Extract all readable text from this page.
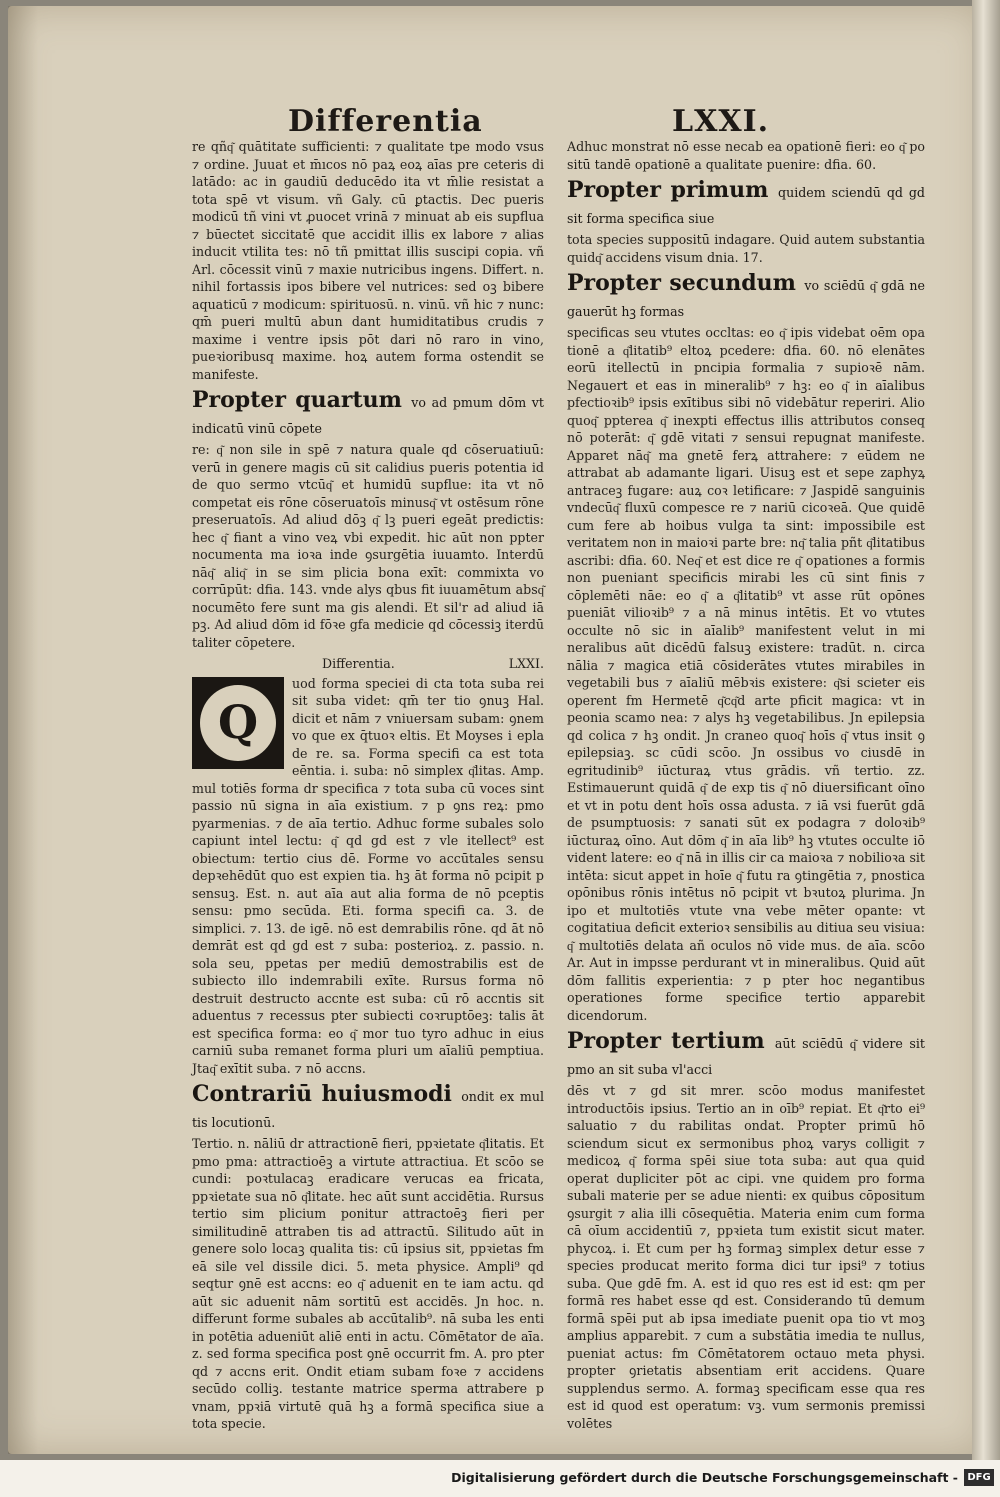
Differentia	LXXI.

re qñq͂ quātitate sufficienti: ⁊ qualitate tpe modo vsus ⁊ ordine. Juuat et m̄ıcos nō paꝝ eoꝝ aīas pre ceteris di latādo: ac in gaudiū deducēdo ita vt m̄lie resistat a tota spē vt visum. vñ Galy. cū ꝑtactis. Dec pueris modicū tñ vini vt ꝓuocet vrinā ⁊ minuat ab eis supflua ⁊ būectet siccitatē que accidit illis ex labore ⁊ alias inducit vtilita tes: nō tñ pmittat illis suscipi copia. vñ Arl. cōcessit vinū ⁊ maxie nutricibus ingens. Differt. n. nihil fortassis ipos bibere vel nutrices: sed oꝫ bibere aquaticū ⁊ modicum: spirituosū. n. vinū. vñ hic ⁊ nunc: qm̄ pueri multū abun dant humiditatibus crudis ⁊ maxime i ventre ipsis pōt dari nō raro in vino, pueꝛioribusq maxime. hoꝝ autem forma ostendit se manifeste.

Propter quartum vo ad pmum dōm vt indicatū vinū cōpete

re: q͂ non sile in spē ⁊ natura quale qd cōseruatiuū: verū in genere magis cū sit calidius pueris potentia id de quo sermo vtcūq͂ et humidū supflue: ita vt nō competat eis rōne cōseruatoīs minusq͂ vt ostēsum rōne preseruatoīs. Ad aliud dōꝫ q͂ lꝫ pueri egeāt predictis: hec q͂ fiant a vino veꝝ vbi expedit. hic aūt non ppter nocumenta ma ioꝛa inde ꝯsurgētia iuuamto. Interdū nāq͂ aliq͂ in se sim plicia bona exīt: commixta vo corrūpūt: dfia. 143. vnde alys qbus fit iuuamētum absq͂ nocumēto fere sunt ma gis alendi. Et sil'r ad aliud iā pꝫ. Ad aliud dōm id fōꝛe gfa medicie qd cōcessiꝫ iterdū taliter cōpetere.

Differentia.	LXXI.
Q

uod forma speciei di cta tota suba rei sit suba videt: qm̄ ter tio ꝯnuꝫ Hal. dicit et nām ⁊ vniuersam subam: ꝯnem vo que ex q̄tuoꝛ eltis. Et Moyses i epla de re. sa. Forma specifi ca est tota eēntia. i. suba: nō simplex q͂litas. Amp. mul totiēs forma dr specifica ⁊ tota suba cū voces sint passio nū signa in aīa existium. ⁊ p ꝯns reꝝ: pmo pyarmenias. ⁊ de aīa tertio. Adhuc forme subales solo capiunt intel lectu: q͂ qd gd est ⁊ vle itellect⁹ est obiectum: tertio cius dē. Forme vo accūtales sensu depꝛehēdūt quo est expien tia. hꝫ āt forma nō pcipit p sensuꝫ. Est. n. aut aīa aut alia forma de nō pceptis sensu: pmo secūda. Eti. forma specifi ca. 3. de simplici. ⁊. 13. de igē. nō est demrabilis rōne. qd āt nō demrāt est qd gd est ⁊ suba: posterioꝝ. z. passio. n. sola seu, ppetas per mediū demostrabilis est de subiecto illo indemrabili exīte. Rursus forma nō destruit destructo accnte est suba: cū rō accntis sit aduentus ⁊ recessus pter subiecti coꝛruptōeꝫ: talis āt est specifica forma: eo q͂ mor tuo tyro adhuc in eius carniū suba remanet forma pluri um aīaliū pemptiua. Jtaq͂ exītit suba. ⁊ nō accns.

Contrariū huiusmodi ondit ex mul tis locutionū.

Tertio. n. nāliū dr attractionē fieri, ppꝛietate q͂litatis. Et pmo pma: attractioēꝫ a virtute attractiua. Et scōo se cundi: poꝛtulacaꝫ eradicare verucas ea fricata, ppꝛietate sua nō q͂litate. hec aūt sunt accidētia. Rursus tertio sim plicium ponitur attractoēꝫ fieri per similitudinē attraben tis ad attractū. Silitudo aūt in genere solo locaꝫ qualita tis: cū ipsius sit, ppꝛietas fm eā sile vel dissile dici. 5. meta physice. Ampli⁹ qd seqtur ꝯnē est accns: eo q͂ aduenit en te iam actu. qd aūt sic aduenit nām sortitū est accidēs. Jn hoc. n. differunt forme subales ab accūtalib⁹. nā suba les enti in potētia adueniūt aliē enti in actu. Cōmētator de aīa. z. sed forma specifica post ꝯnē occurrit fm. A. pro pter qd ⁊ accns erit. Ondit etiam subam foꝛe ⁊ accidens secūdo colliꝫ. testante matrice sperma attrabere p vnam, ppꝛiā virtutē quā hꝫ a formā specifica siue a tota specie.

Adhuc monstrat nō esse necab ea opationē fieri: eo q͂ po sitū tandē opationē a qualitate puenire: dfia. 60.

Propter primum quidem sciendū qd gd sit forma specifica siue

tota species suppositū indagare. Quid autem substantia quidq͂ accidens visum dnia. 17.

Propter secundum vo sciēdū q͂ gdā ne gauerūt hꝫ formas

specificas seu vtutes occltas: eo q͂ ipis videbat oēm opa tionē a q͂litatib⁹ eltoꝝ pcedere: dfia. 60. nō elenātes eorū itellectū in pncipia formalia ⁊ supioꝛē nām. Negauert et eas in mineralib⁹ ⁊ hꝫ: eo q͂ in aīalibus pfectioꝛib⁹ ipsis exītibus sibi nō videbātur reperiri. Alio quoq͂ ppterea q͂ inexpti effectus illis attributos conseq nō poterāt: q͂ gdē vitati ⁊ sensui repugnat manifeste. Apparet nāq͂ ma gnetē ferꝝ attrahere: ⁊ eūdem ne attrabat ab adamante ligari. Uisuꝫ est et sepe zaphyꝝ antraceꝫ fugare: auꝝ coꝛ letificare: ⁊ Jaspidē sanguinis vndecūq͂ fluxū compesce re ⁊ nariū cicoꝛeā. Que quidē cum fere ab hoibus vulga ta sint: impossibile est veritatem non in maioꝛi parte bre: nq͂ talia pñt q͂litatibus ascribi: dfia. 60. Neq͂ et est dice re q͂ opationes a formis non pueniant specificis mirabi les cū sint finis ⁊ cōplemēti nāe: eo q͂ a q͂litatib⁹ vt asse rūt opōnes pueniāt vilioꝛib⁹ ⁊ a nā minus intētis. Et vo vtutes occulte nō sic in aīalib⁹ manifestent velut in mi neralibus aūt dicēdū falsuꝫ existere: tradūt. n. circa nālia ⁊ magica etiā cōsiderātes vtutes mirabiles in vegetabili bus ⁊ aīaliū mēbꝛis existere: q͂si scieter eis operent fm Hermetē q͂cq͂d arte pficit magica: vt in peonia scamo nea: ⁊ alys hꝫ vegetabilibus. Jn epilepsia qd colica ⁊ hꝫ ondit. Jn craneo quoq͂ hoīs q͂ vtus insit ꝯ epilepsiaꝫ. sc cūdi scōo. Jn ossibus vo ciusdē in egritudinib⁹ iūcturaꝝ vtus grādis. vñ tertio. zz. Estimauerunt quidā q͂ de exp tis q͂ nō diuersificant oīno et vt in potu dent hoīs ossa adusta. ⁊ iā vsi fuerūt gdā de psumptuosis: ⁊ sanati sūt ex podagra ⁊ doloꝛib⁹ iūcturaꝝ oīno. Aut dōm q͂ in aīa lib⁹ hꝫ vtutes occulte iō vident latere: eo q͂ nā in illis cir ca maioꝛa ⁊ nobilioꝛa sit intēta: sicut appet in hoīe q͂ futu ra ꝯtingētia ⁊, pnostica opōnibus rōnis intētus nō pcipit vt bꝛutoꝝ plurima. Jn ipo et multotiēs vtute vna vebe mēter opante: vt cogitatiua deficit exterioꝛ sensibilis au ditiua seu visiua: q͂ multotiēs delata añ oculos nō vide mus. de aīa. scōo Ar. Aut in impsse perdurant vt in mineralibus. Quid aūt dōm fallitis experientia: ⁊ p pter hoc negantibus operationes forme specifice tertio apparebit dicendorum.

Propter tertium aūt sciēdū q͂ videre sit pmo an sit suba vl'acci

dēs vt ⁊ gd sit mrer. scōo modus manifestet introductōis ipsius. Tertio an in oīb⁹ repiat. Et q͂rto ei⁹ saluatio ⁊ du rabilitas ondat. Propter primū hō sciendum sicut ex sermonibus phoꝝ varys colligit ⁊ medicoꝝ q͂ forma spēi siue tota suba: aut qua quid operat dupliciter pōt ac cipi. vne quidem pro forma subali materie per se adue nienti: ex quibus cōpositum ꝯsurgit ⁊ alia illi cōsequētia. Materia enim cum forma cā oīum accidentiū ⁊, ppꝛieta tum existit sicut mater. phycoꝝ. i. Et cum per hꝫ formaꝫ simplex detur esse ⁊ species producat merito forma dici tur ipsi⁹ ⁊ totius suba. Que gdē fm. A. est id quo res est id est: qm per formā res habet esse qd est. Considerando tū demum formā spēi put ab ipsa imediate puenit opa tio vt moꝫ amplius apparebit. ⁊ cum a substātia imedia te nullus, pueniat actus: fm Cōmētatorem octauo meta physi. propter ꝯrietatis absentiam erit accidens. Quare supplendus sermo. A. formaꝫ specificam esse qua res est id quod est operatum: vꝫ. vum sermonis premissi volētes

Digitalisierung gefördert durch die Deutsche Forschungsgemeinschaft - DFG
